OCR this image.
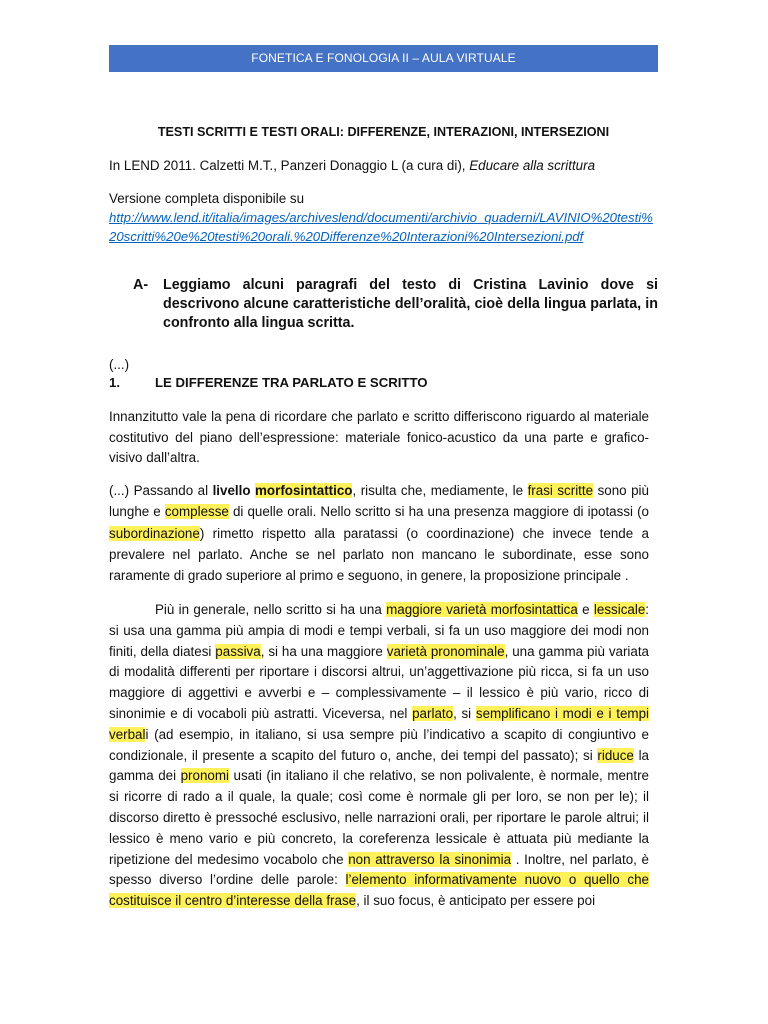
FONETICA E FONOLOGIA II – AULA VIRTUALE
TESTI SCRITTI E TESTI ORALI: DIFFERENZE, INTERAZIONI, INTERSEZIONI
In LEND 2011. Calzetti M.T., Panzeri Donaggio L (a cura di), Educare alla scrittura
Versione completa disponibile su
http://www.lend.it/italia/images/archiveslend/documenti/archivio_quaderni/LAVINIO%20testi%20scritti%20e%20testi%20orali.%20Differenze%20Interazioni%20Intersezioni.pdf
A- Leggiamo alcuni paragrafi del testo di Cristina Lavinio dove si descrivono alcune caratteristiche dell’oralità, cioè della lingua parlata, in confronto alla lingua scritta.
(...)
1.	LE DIFFERENZE TRA PARLATO E SCRITTO
Innanzitutto vale la pena di ricordare che parlato e scritto differiscono riguardo al materiale costitutivo del piano dell’espressione: materiale fonico-acustico da una parte e grafico-visivo dall’altra.
(...) Passando al livello morfosintattico, risulta che, mediamente, le frasi scritte sono più lunghe e complesse di quelle orali. Nello scritto si ha una presenza maggiore di ipotassi (o subordinazione) rimetto rispetto alla paratassi (o coordinazione) che invece tende a prevalere nel parlato. Anche se nel parlato non mancano le subordinate, esse sono raramente di grado superiore al primo e seguono, in genere, la proposizione principale .
Più in generale, nello scritto si ha una maggiore varietà morfosintattica e lessicale: si usa una gamma più ampia di modi e tempi verbali, si fa un uso maggiore dei modi non finiti, della diatesi passiva, si ha una maggiore varietà pronominale, una gamma più variata di modalità differenti per riportare i discorsi altrui, un’aggettivazione più ricca, si fa un uso maggiore di aggettivi e avverbi e – complessivamente – il lessico è più vario, ricco di sinonimie e di vocaboli più astratti. Viceversa, nel parlato, si semplificano i modi e i tempi verbali (ad esempio, in italiano, si usa sempre più l’indicativo a scapito di congiuntivo e condizionale, il presente a scapito del futuro o, anche, dei tempi del passato); si riduce la gamma dei pronomi usati (in italiano il che relativo, se non polivalente, è normale, mentre si ricorre di rado a il quale, la quale; così come è normale gli per loro, se non per le); il discorso diretto è pressoché esclusivo, nelle narrazioni orali, per riportare le parole altrui; il lessico è meno vario e più concreto, la coreferenza lessicale è attuata più mediante la ripetizione del medesimo vocabolo che non attraverso la sinonimia . Inoltre, nel parlato, è spesso diverso l’ordine delle parole: l’elemento informativamente nuovo o quello che costituisce il centro d’interesse della frase, il suo focus, è anticipato per essere poi
